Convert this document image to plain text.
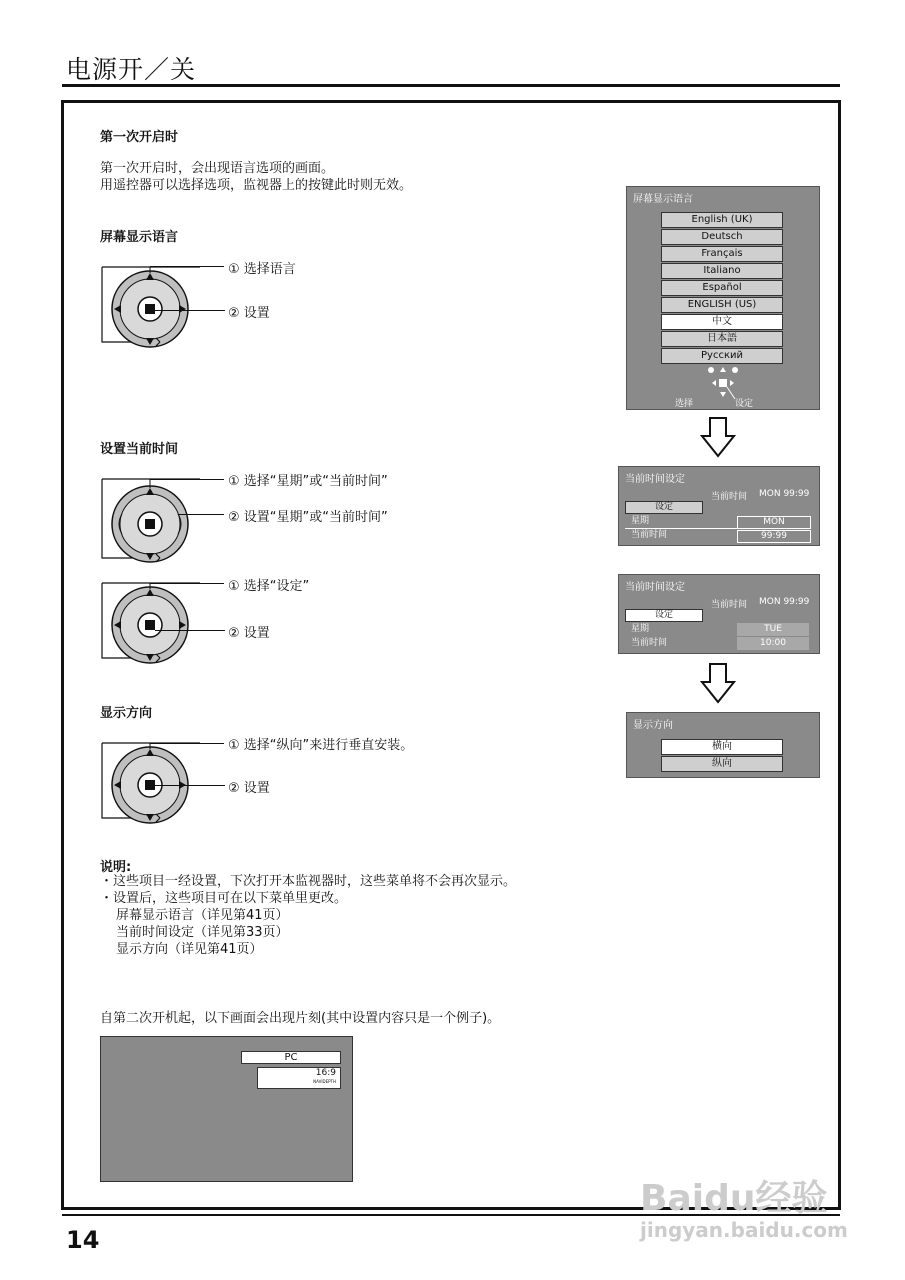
电源开／关
第一次开启时
第一次开启时，会出现语言选项的画面。
用遥控器可以选择选项，监视器上的按键此时则无效。
屏幕显示语言
① 选择语言
② 设置
屏幕显示语言
English (UK)
Deutsch
Français
Italiano
Español
ENGLISH (US)
中文
日本語
Русский
选择	设定
设置当前时间
① 选择“星期”或“当前时间”
② 设置“星期”或“当前时间”
当前时间设定
当前时间 MON 99:99
设定
星期	MON
当前时间	99:99
① 选择“设定”
② 设置
当前时间设定
当前时间 MON 99:99
设定
星期	TUE
当前时间	10:00
显示方向
① 选择“纵向”来进行垂直安装。
② 设置
显示方向
横向
纵向
说明:
・这些项目一经设置，下次打开本监视器时，这些菜单将不会再次显示。
・设置后，这些项目可在以下菜单里更改。
屏幕显示语言（详见第41页）
当前时间设定（详见第33页）
显示方向（详见第41页）
自第二次开机起，以下画面会出现片刻(其中设置内容只是一个例子)。
PC
16:9
NAVIDEPTH
14
Baidu经验
jingyan.baidu.com
